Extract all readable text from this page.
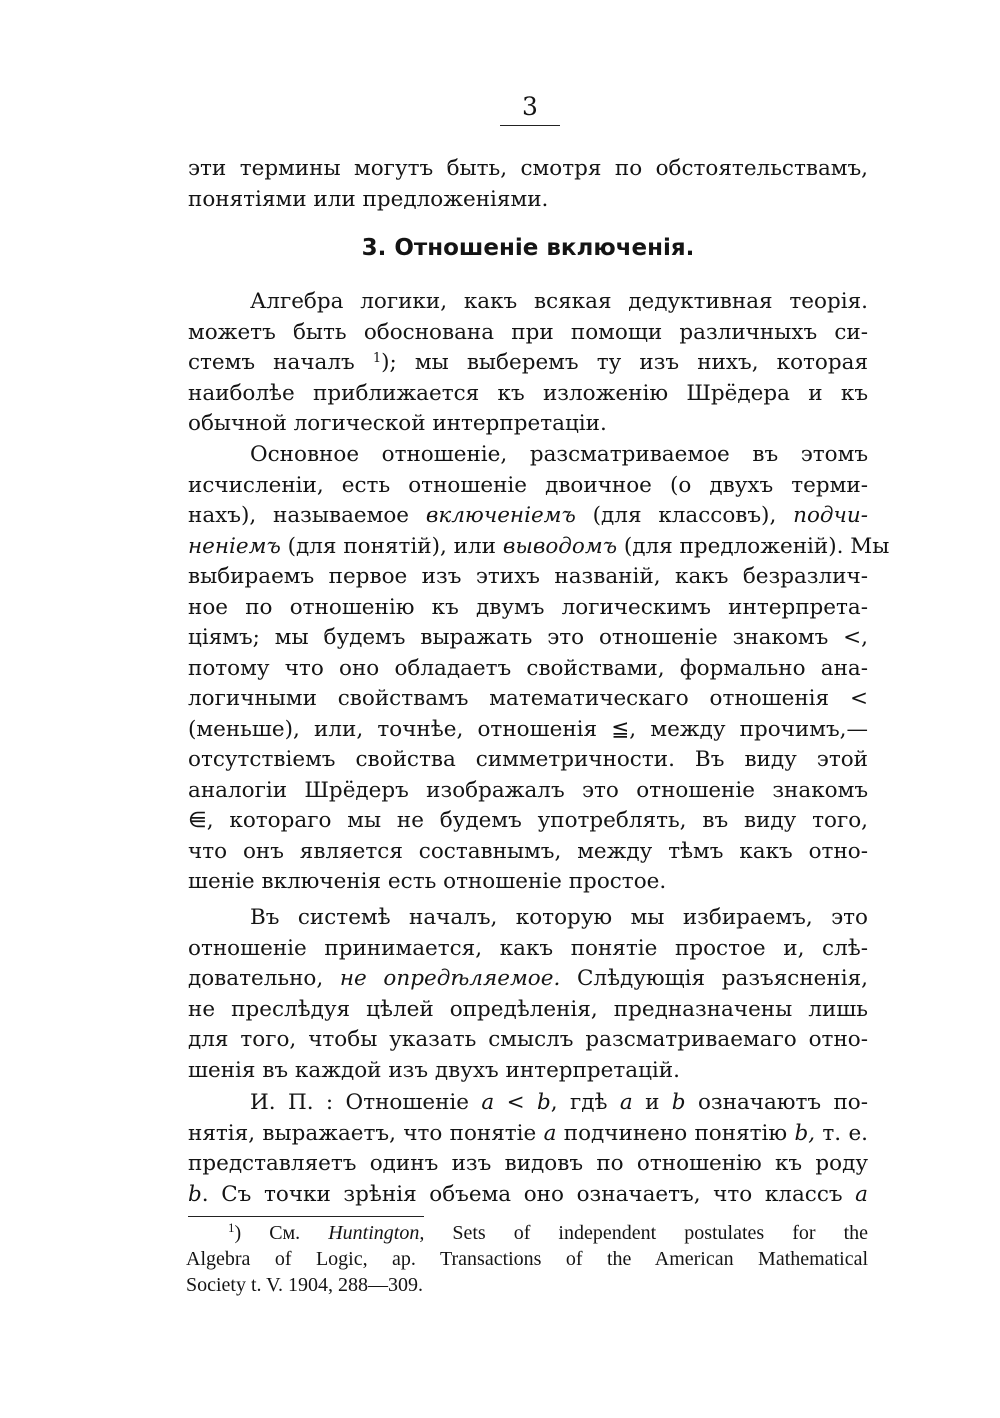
3
эти термины могутъ быть, смотря по обстоятельствамъ,
понятіями или предложеніями.
3. Отношеніе включенія.
Алгебра логики, какъ всякая дедуктивная теорія.
можетъ быть обоснована при помощи различныхъ си-
стемъ началъ $^1$); мы выберемъ ту изъ нихъ, которая
наиболѣе приближается къ изложенію Шрёдера и къ
обычной логической интерпретаціи.
Основное отношеніе, разсматриваемое въ этомъ
исчисленіи, есть отношеніе двоичное (о двухъ терми-
нахъ), называемое включеніемъ (для классовъ), подчи-
неніемъ (для понятій), или выводомъ (для предложеній). Мы
выбираемъ первое изъ этихъ названій, какъ безразлич-
ное по отношенію къ двумъ логическимъ интерпрета-
ціямъ; мы будемъ выражать это отношеніе знакомъ <,
потому что оно обладаетъ свойствами, формально ана-
логичными свойствамъ математическаго отношенія <
(меньше), или, точнѣе, отношенія ≦, между прочимъ,—
отсутствіемъ свойства симметричности. Въ виду этой
аналогіи Шрёдеръ изображалъ это отношеніе знакомъ
⋹, котораго мы не будемъ употреблять, въ виду того,
что онъ является составнымъ, между тѣмъ какъ отно-
шеніе включенія есть отношеніе простое.
Въ системѣ началъ, которую мы избираемъ, это
отношеніе принимается, какъ понятіе простое и, слѣ-
довательно, не опредѣляемое. Слѣдующія разъясненія,
не преслѣдуя цѣлей опредѣленія, предназначены лишь
для того, чтобы указать смыслъ разсматриваемаго отно-
шенія въ каждой изъ двухъ интерпретацій.
И. П. : Отношеніе a < b, гдѣ a и b означаютъ по-
нятія, выражаетъ, что понятіе a подчинено понятію b, т. е.
представляетъ одинъ изъ видовъ по отношенію къ роду
b. Съ точки зрѣнія объема оно означаетъ, что классъ a
$^1$) См. Huntington, Sets of independent postulates for the
Algebra of Logic, ap. Transactions of the American Mathematical
Society t. V. 1904, 288—309.
